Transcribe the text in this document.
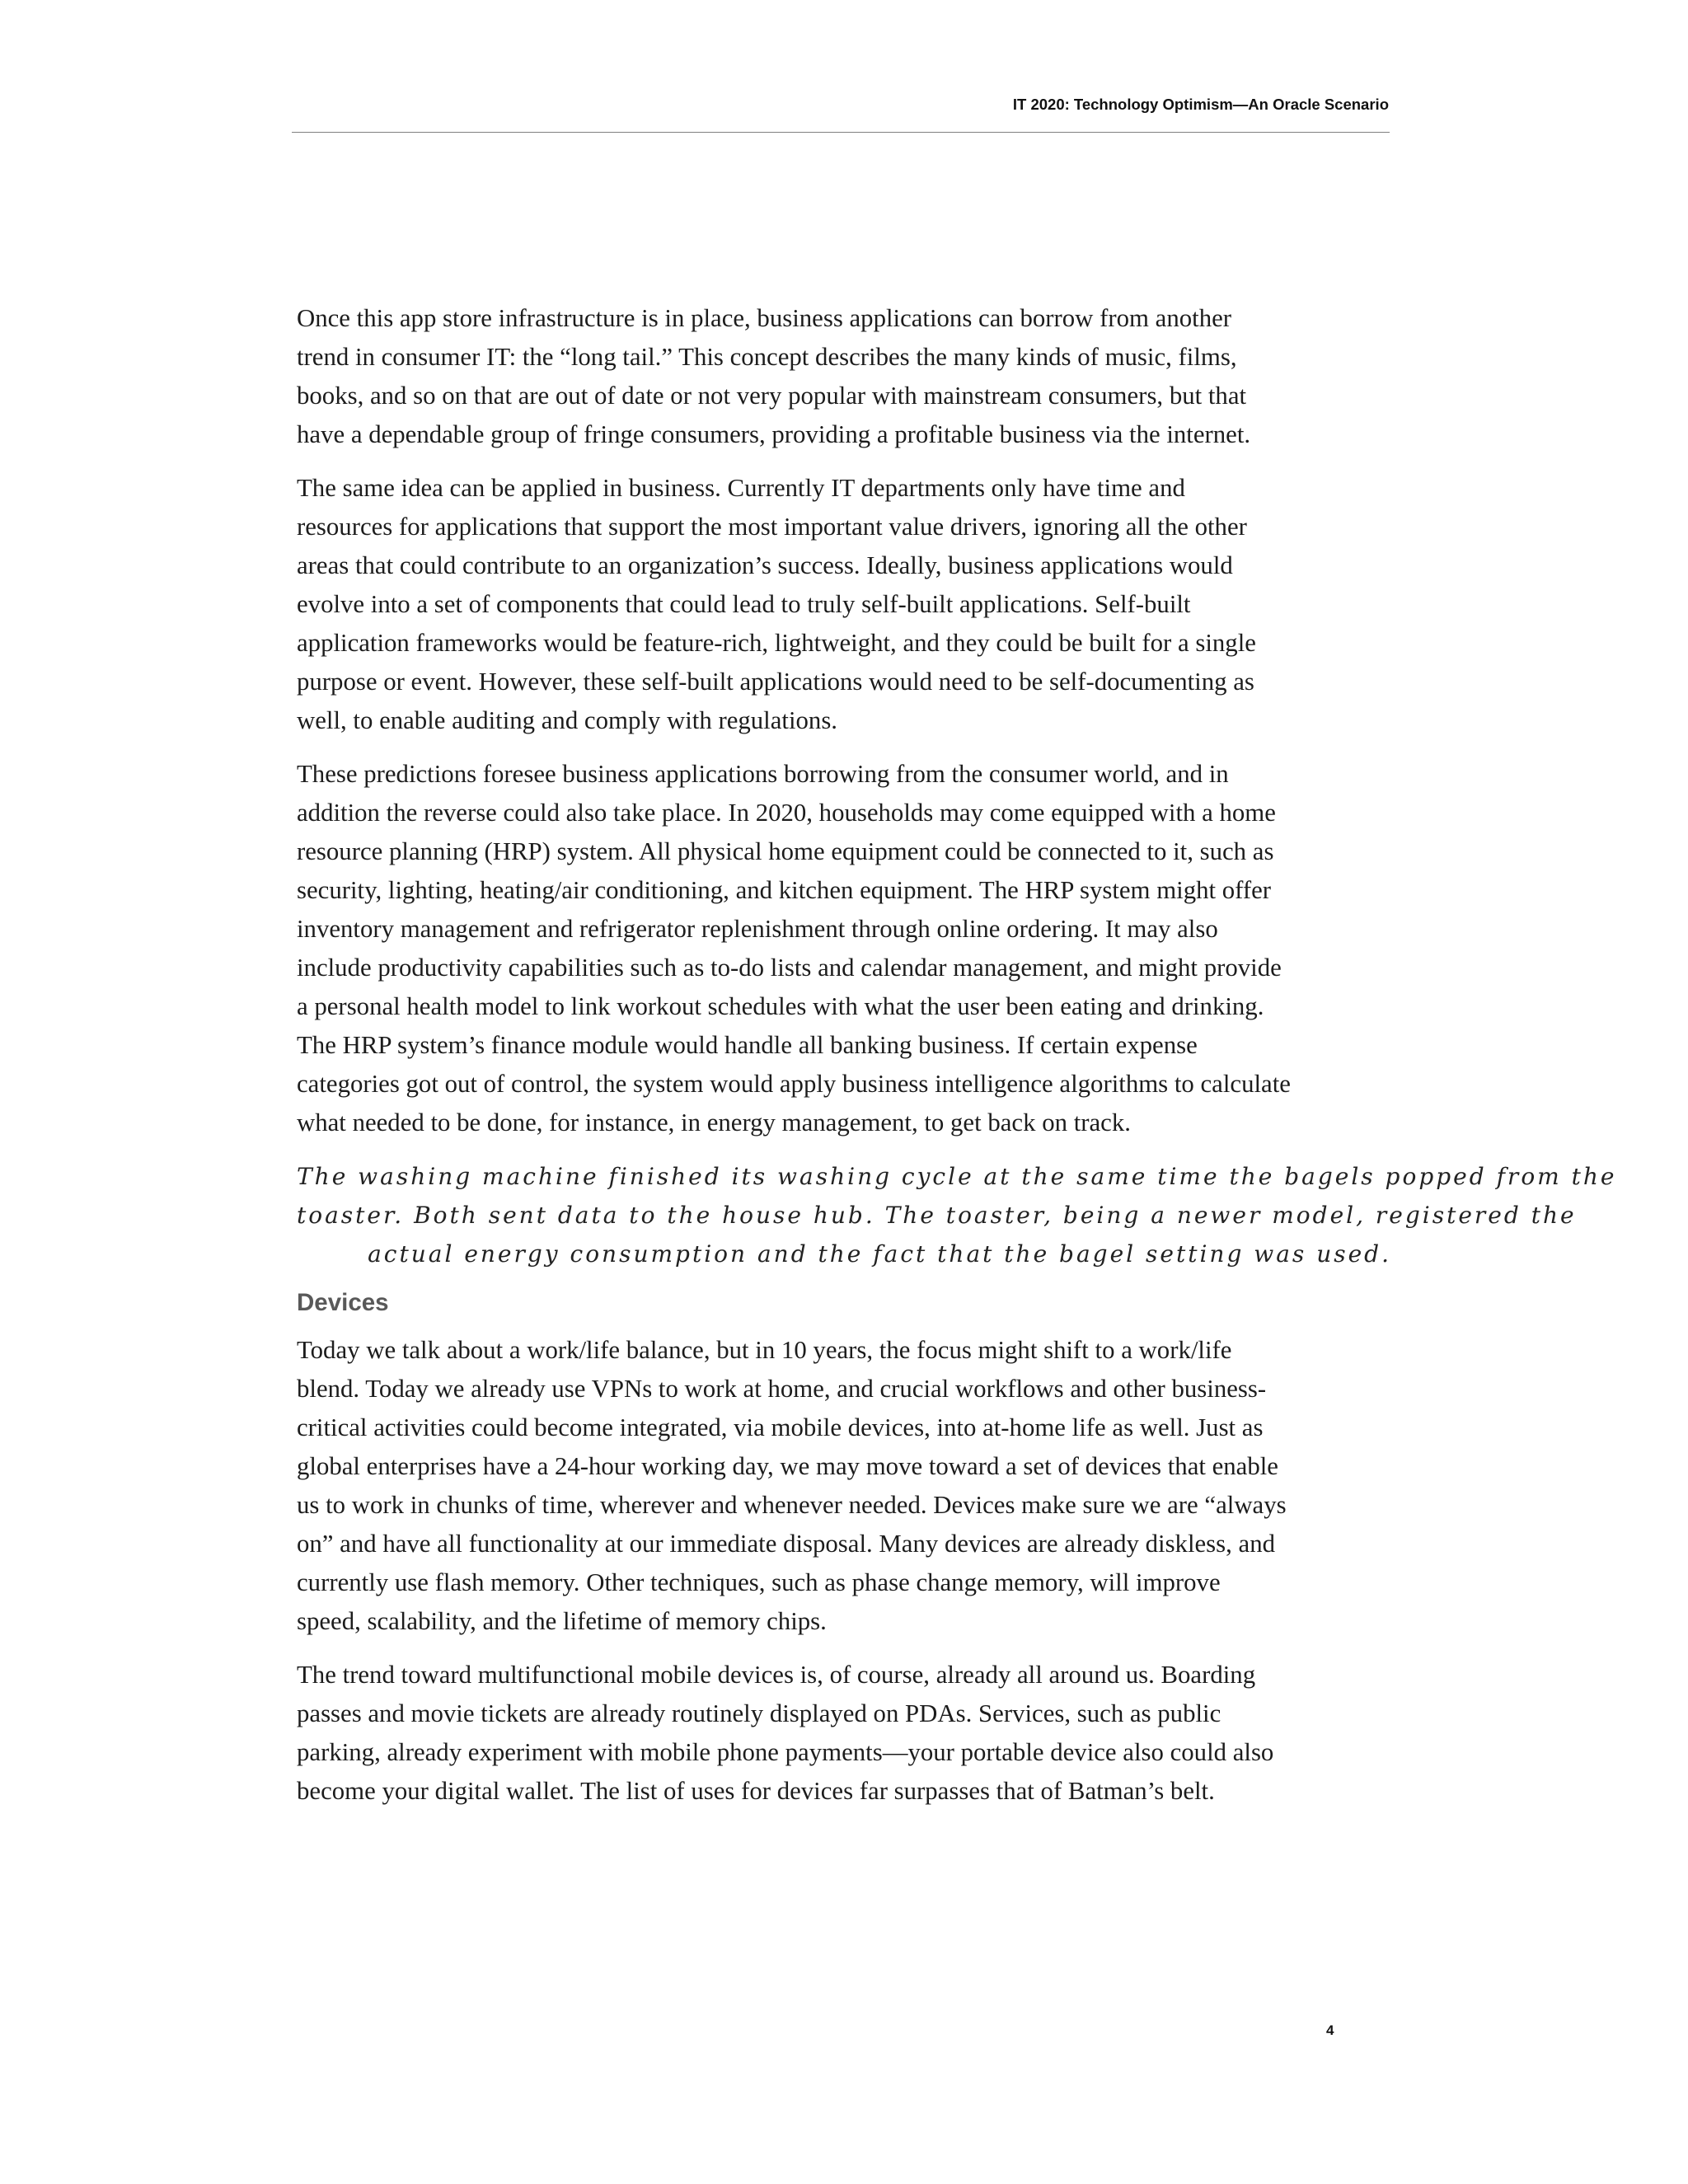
IT 2020: Technology Optimism—An Oracle Scenario

Once this app store infrastructure is in place, business applications can borrow from another
trend in consumer IT: the “long tail.” This concept describes the many kinds of music, films,
books, and so on that are out of date or not very popular with mainstream consumers, but that
have a dependable group of fringe consumers, providing a profitable business via the internet.

The same idea can be applied in business. Currently IT departments only have time and
resources for applications that support the most important value drivers, ignoring all the other
areas that could contribute to an organization’s success. Ideally, business applications would
evolve into a set of components that could lead to truly self-built applications. Self-built
application frameworks would be feature-rich, lightweight, and they could be built for a single
purpose or event. However, these self-built applications would need to be self-documenting as
well, to enable auditing and comply with regulations.

These predictions foresee business applications borrowing from the consumer world, and in
addition the reverse could also take place. In 2020, households may come equipped with a home
resource planning (HRP) system. All physical home equipment could be connected to it, such as
security, lighting, heating/air conditioning, and kitchen equipment. The HRP system might offer
inventory management and refrigerator replenishment through online ordering. It may also
include productivity capabilities such as to-do lists and calendar management, and might provide
a personal health model to link workout schedules with what the user been eating and drinking.
The HRP system’s finance module would handle all banking business. If certain expense
categories got out of control, the system would apply business intelligence algorithms to calculate
what needed to be done, for instance, in energy management, to get back on track.

The washing machine finished its washing cycle at the same time the bagels popped from the
toaster. Both sent data to the house hub. The toaster, being a newer model, registered the
actual energy consumption and the fact that the bagel setting was used.
Devices

Today we talk about a work/life balance, but in 10 years, the focus might shift to a work/life
blend. Today we already use VPNs to work at home, and crucial workflows and other business-
critical activities could become integrated, via mobile devices, into at-home life as well. Just as
global enterprises have a 24-hour working day, we may move toward a set of devices that enable
us to work in chunks of time, wherever and whenever needed. Devices make sure we are “always
on” and have all functionality at our immediate disposal. Many devices are already diskless, and
currently use flash memory. Other techniques, such as phase change memory, will improve
speed, scalability, and the lifetime of memory chips.

The trend toward multifunctional mobile devices is, of course, already all around us. Boarding
passes and movie tickets are already routinely displayed on PDAs. Services, such as public
parking, already experiment with mobile phone payments—your portable device also could also
become your digital wallet. The list of uses for devices far surpasses that of Batman’s belt.

4
